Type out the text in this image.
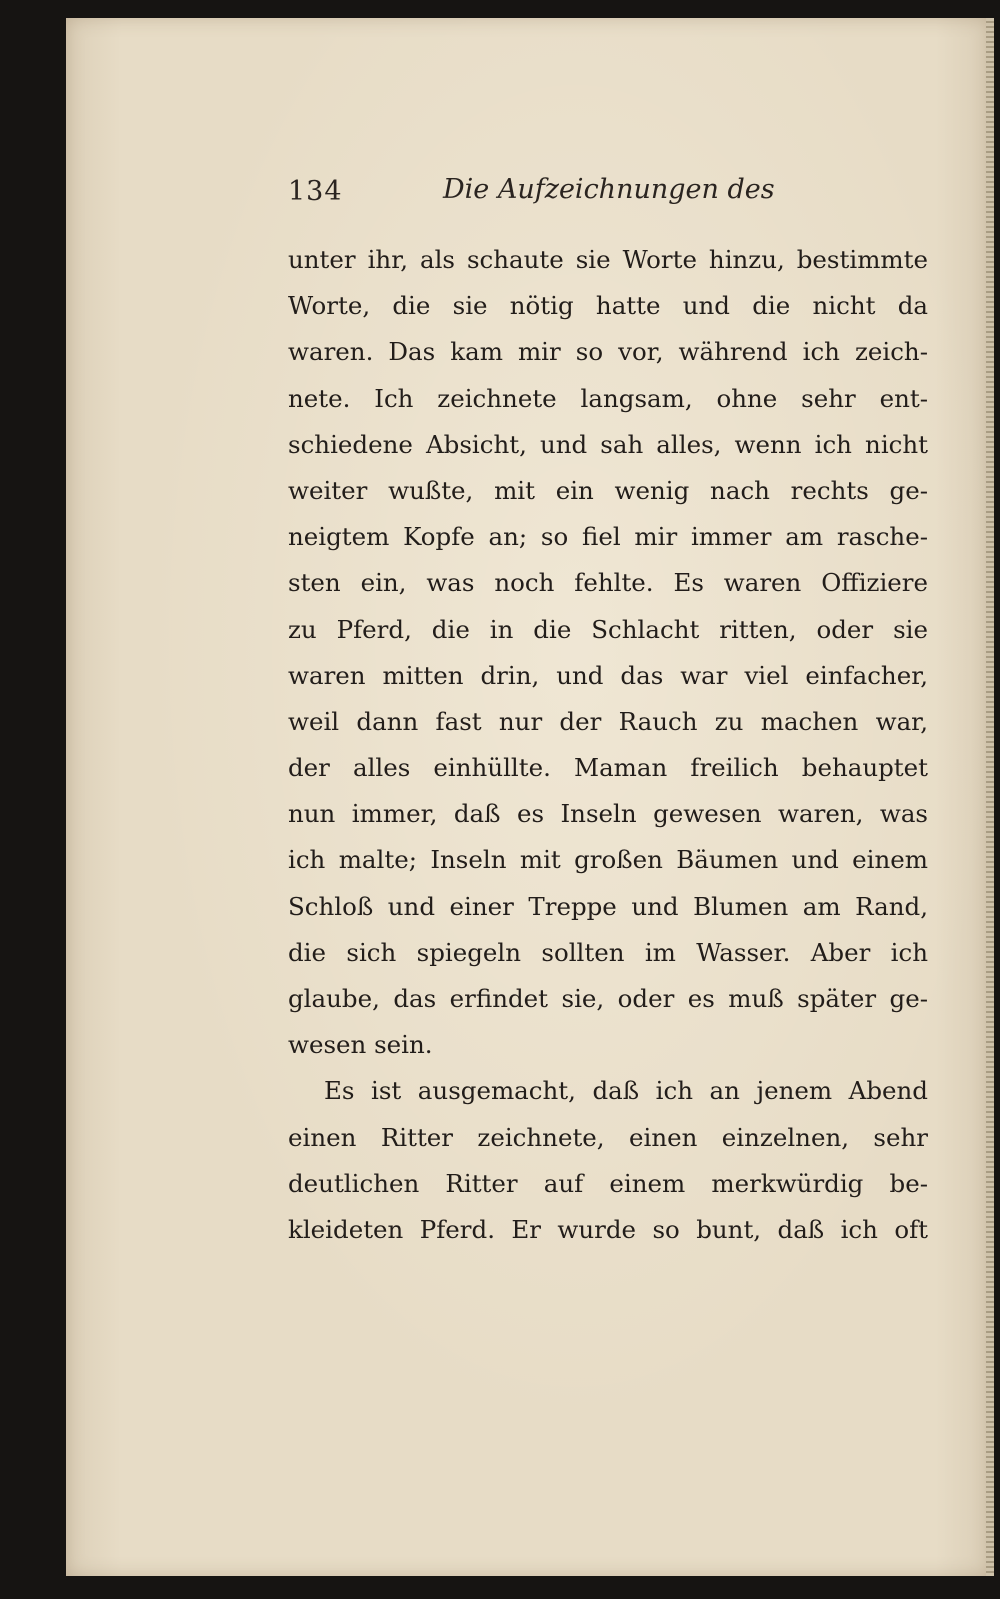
134	Die Aufzeichnungen des
unter ihr, als schaute sie Worte hinzu, bestimmte
Worte, die sie nötig hatte und die nicht da
waren. Das kam mir so vor, während ich zeich-
nete. Ich zeichnete langsam, ohne sehr ent-
schiedene Absicht, und sah alles, wenn ich nicht
weiter wußte, mit ein wenig nach rechts ge-
neigtem Kopfe an; so fiel mir immer am rasche-
sten ein, was noch fehlte. Es waren Offiziere
zu Pferd, die in die Schlacht ritten, oder sie
waren mitten drin, und das war viel einfacher,
weil dann fast nur der Rauch zu machen war,
der alles einhüllte. Maman freilich behauptet
nun immer, daß es Inseln gewesen waren, was
ich malte; Inseln mit großen Bäumen und einem
Schloß und einer Treppe und Blumen am Rand,
die sich spiegeln sollten im Wasser. Aber ich
glaube, das erfindet sie, oder es muß später ge-
wesen sein.
Es ist ausgemacht, daß ich an jenem Abend
einen Ritter zeichnete, einen einzelnen, sehr
deutlichen Ritter auf einem merkwürdig be-
kleideten Pferd. Er wurde so bunt, daß ich oft
